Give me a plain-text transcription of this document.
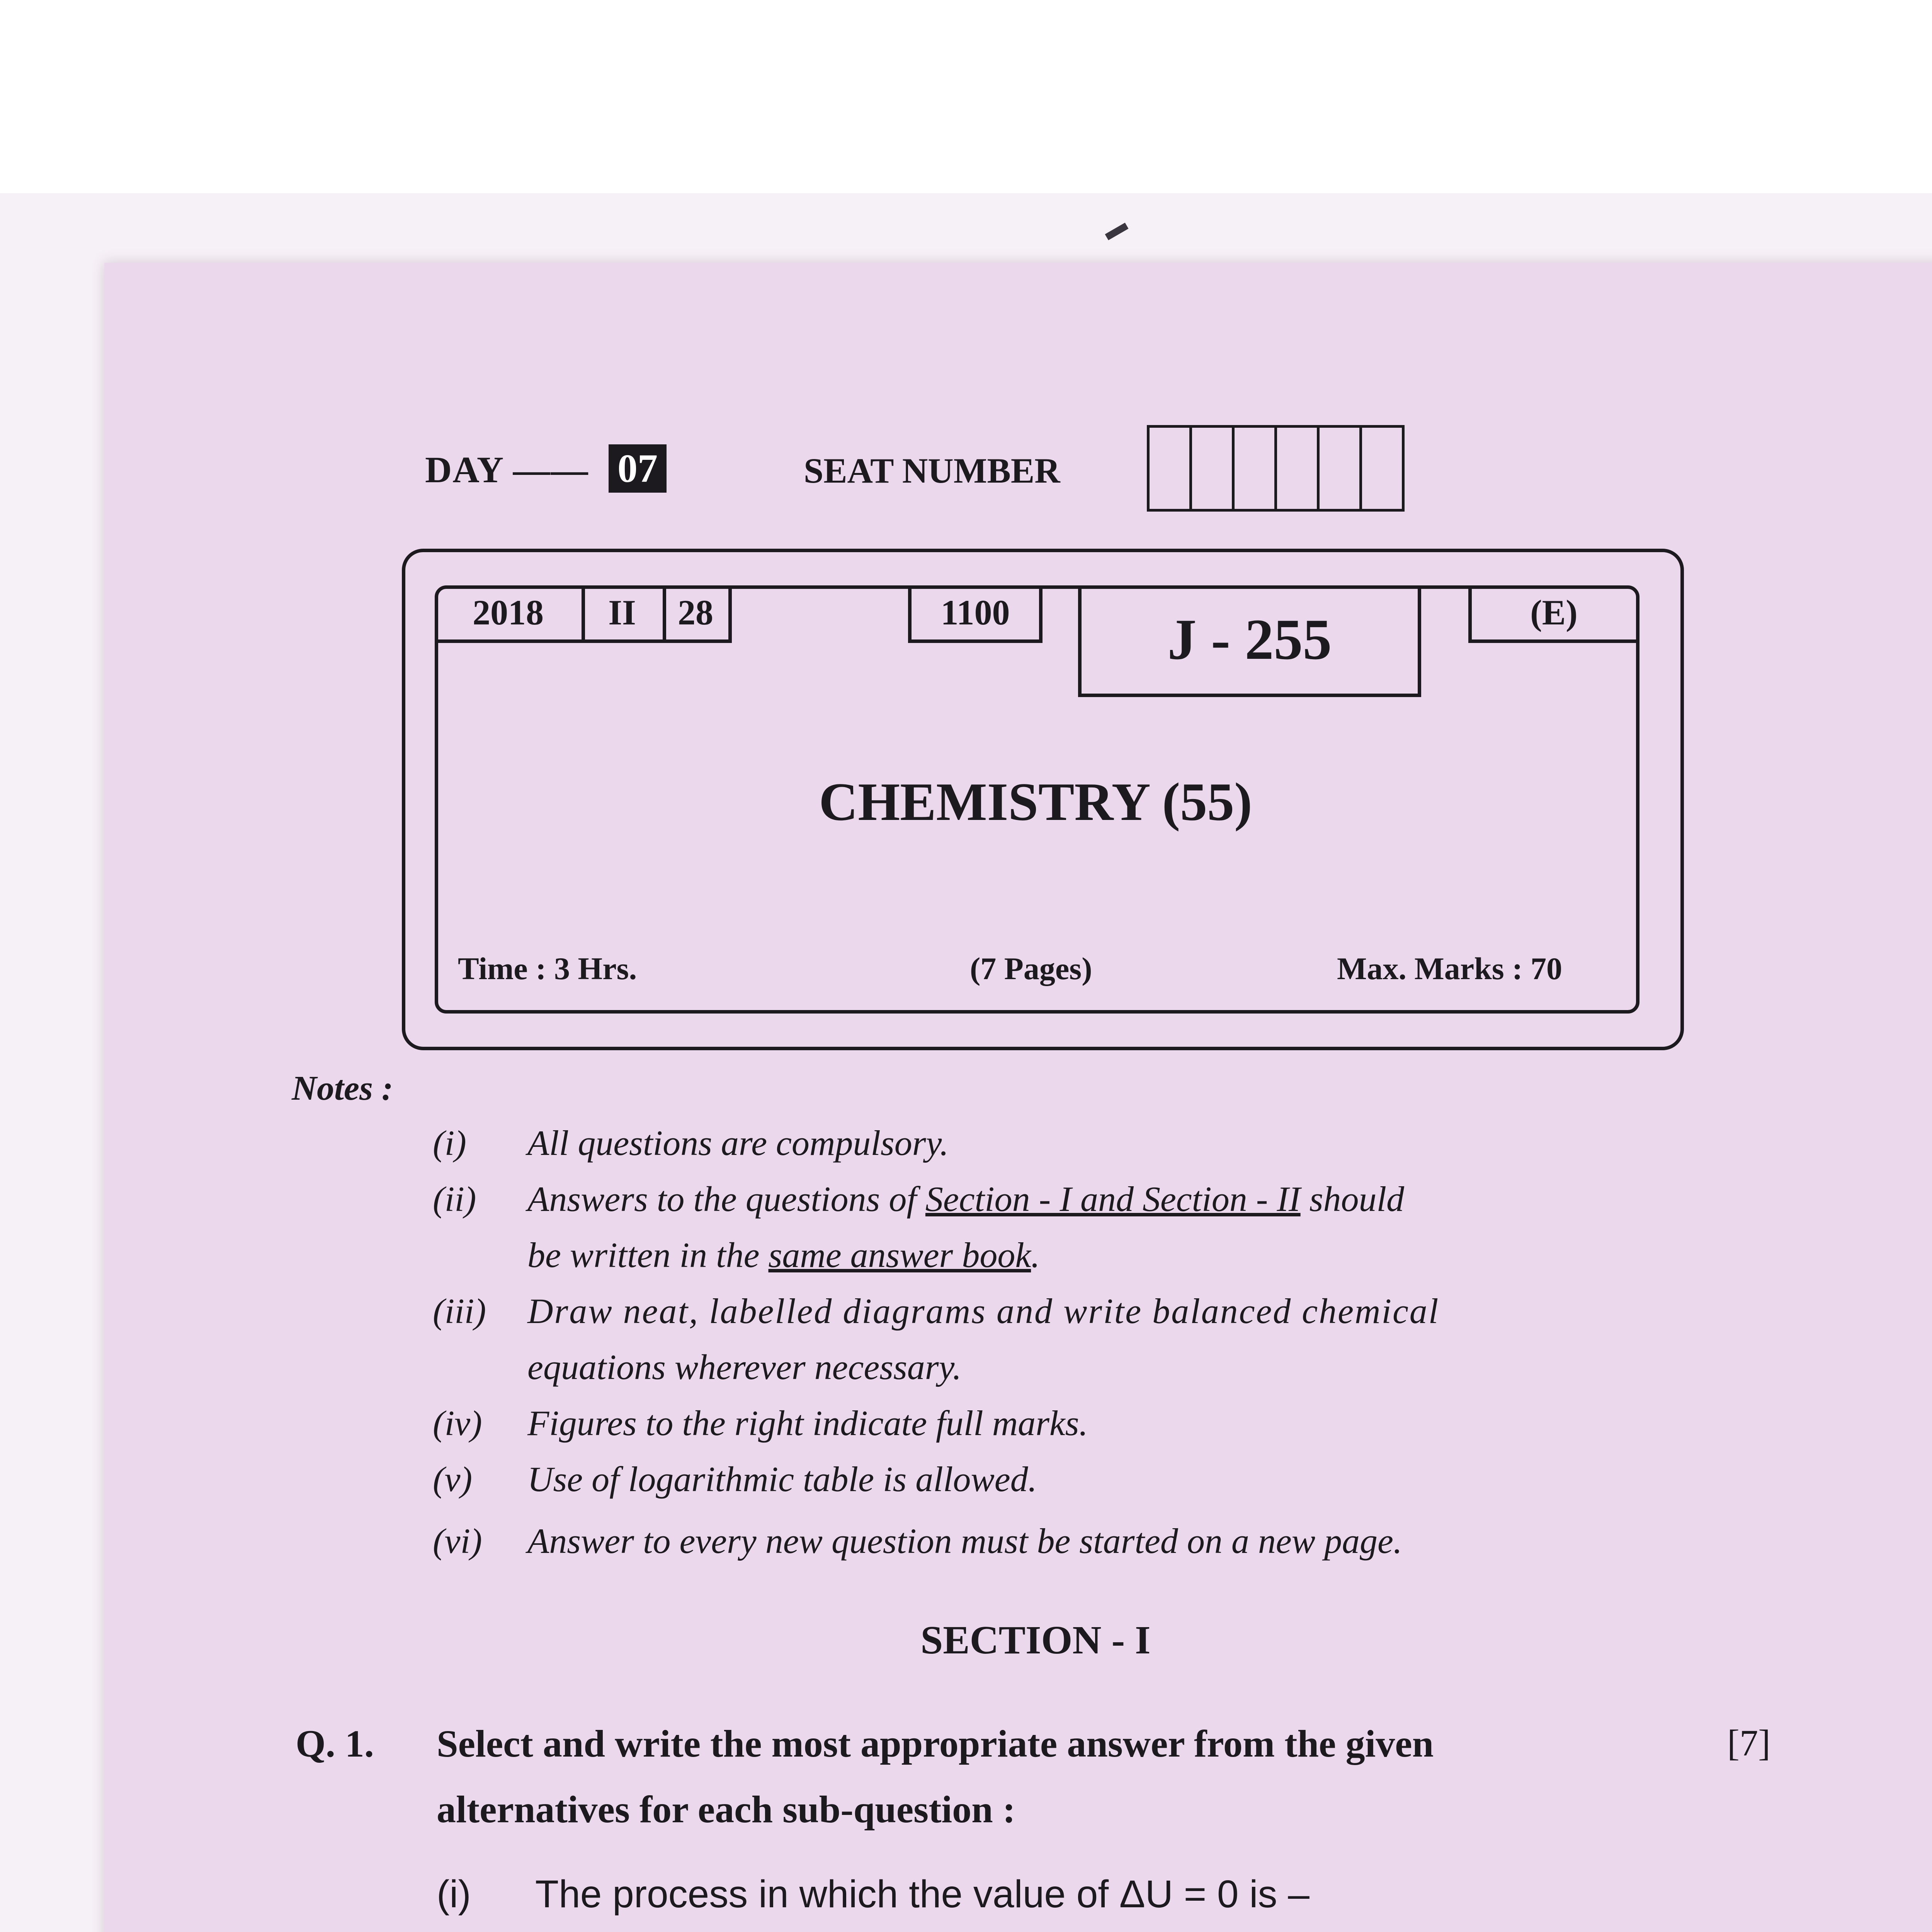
DAY —— 07	SEAT NUMBER
2018	II	28	1100	J - 255	(E)
CHEMISTRY (55)
Time : 3 Hrs.	(7 Pages)	Max. Marks : 70
Notes :
(i) All questions are compulsory.
(ii) Answers to the questions of Section - I and Section - II should
be written in the same answer book.
(iii) Draw neat, labelled diagrams and write balanced chemical
equations wherever necessary.
(iv) Figures to the right indicate full marks.
(v) Use of logarithmic table is allowed.
(vi) Answer to every new question must be started on a new page.
SECTION - I
Q. 1. Select and write the most appropriate answer from the given
alternatives for each sub-question :
[7]
(i) The process in which the value of ΔU = 0 is –
